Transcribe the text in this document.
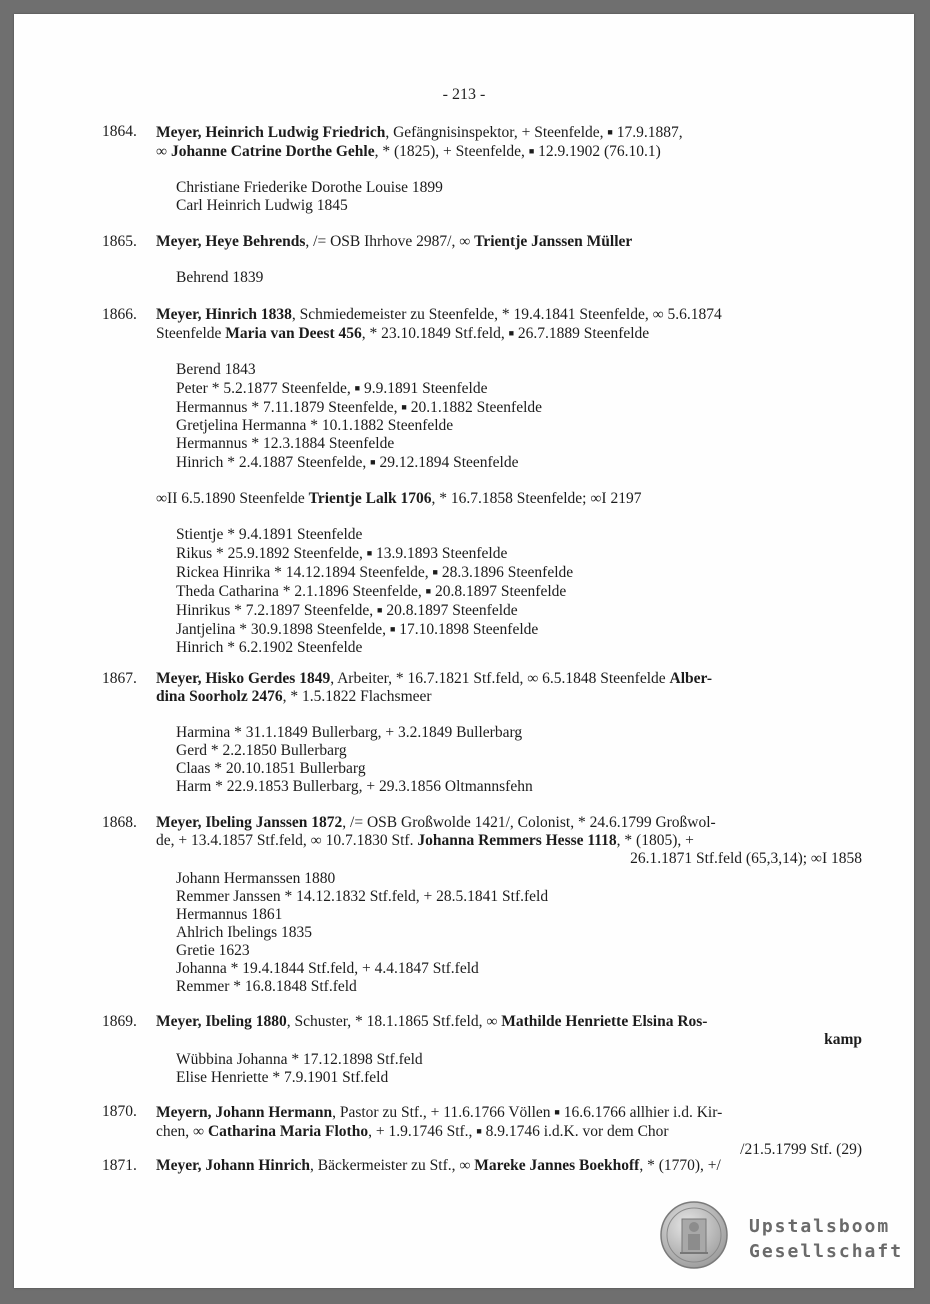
- 213 -
1864.	Meyer, Heinrich Ludwig Friedrich, Gefängnisinspektor, + Steenfelde, ■ 17.9.1887,
∞ Johanne Catrine Dorthe Gehle, * (1825), + Steenfelde, ■ 12.9.1902 (76.10.1)
Christiane Friederike Dorothe Louise 1899
Carl Heinrich Ludwig 1845
1865.	Meyer, Heye Behrends, /= OSB Ihrhove 2987/, ∞ Trientje Janssen Müller
Behrend 1839
1866.	Meyer, Hinrich 1838, Schmiedemeister zu Steenfelde, * 19.4.1841 Steenfelde, ∞ 5.6.1874
Steenfelde Maria van Deest 456, * 23.10.1849 Stf.feld, ■ 26.7.1889 Steenfelde
Berend 1843
Peter * 5.2.1877 Steenfelde, ■ 9.9.1891 Steenfelde
Hermannus * 7.11.1879 Steenfelde, ■ 20.1.1882 Steenfelde
Gretjelina Hermanna * 10.1.1882 Steenfelde
Hermannus * 12.3.1884 Steenfelde
Hinrich * 2.4.1887 Steenfelde, ■ 29.12.1894 Steenfelde
∞II 6.5.1890 Steenfelde Trientje Lalk 1706, * 16.7.1858 Steenfelde; ∞I 2197
Stientje * 9.4.1891 Steenfelde
Rikus * 25.9.1892 Steenfelde, ■ 13.9.1893 Steenfelde
Rickea Hinrika * 14.12.1894 Steenfelde, ■ 28.3.1896 Steenfelde
Theda Catharina * 2.1.1896 Steenfelde, ■ 20.8.1897 Steenfelde
Hinrikus * 7.2.1897 Steenfelde, ■ 20.8.1897 Steenfelde
Jantjelina * 30.9.1898 Steenfelde, ■ 17.10.1898 Steenfelde
Hinrich * 6.2.1902 Steenfelde
1867.	Meyer, Hisko Gerdes 1849, Arbeiter, * 16.7.1821 Stf.feld, ∞ 6.5.1848 Steenfelde Alber-
dina Soorholz 2476, * 1.5.1822 Flachsmeer
Harmina * 31.1.1849 Bullerbarg, + 3.2.1849 Bullerbarg
Gerd * 2.2.1850 Bullerbarg
Claas * 20.10.1851 Bullerbarg
Harm * 22.9.1853 Bullerbarg, + 29.3.1856 Oltmannsfehn
1868.	Meyer, Ibeling Janssen 1872, /= OSB Großwolde 1421/, Colonist, * 24.6.1799 Großwol-
de, + 13.4.1857 Stf.feld, ∞ 10.7.1830 Stf. Johanna Remmers Hesse 1118, * (1805), +
26.1.1871 Stf.feld (65,3,14); ∞I 1858
Johann Hermanssen 1880
Remmer Janssen * 14.12.1832 Stf.feld, + 28.5.1841 Stf.feld
Hermannus 1861
Ahlrich Ibelings 1835
Gretie 1623
Johanna * 19.4.1844 Stf.feld, + 4.4.1847 Stf.feld
Remmer * 16.8.1848 Stf.feld
1869.	Meyer, Ibeling 1880, Schuster, * 18.1.1865 Stf.feld, ∞ Mathilde Henriette Elsina Ros-
kamp
Wübbina Johanna * 17.12.1898 Stf.feld
Elise Henriette * 7.9.1901 Stf.feld
1870.	Meyern, Johann Hermann, Pastor zu Stf., + 11.6.1766 Völlen ■ 16.6.1766 allhier i.d. Kir-
chen, ∞ Catharina Maria Flotho, + 1.9.1746 Stf., ■ 8.9.1746 i.d.K. vor dem Chor
/21.5.1799 Stf. (29)
1871.	Meyer, Johann Hinrich, Bäckermeister zu Stf., ∞ Mareke Jannes Boekhoff, * (1770), +/
Upstalsboom
Gesellschaft
